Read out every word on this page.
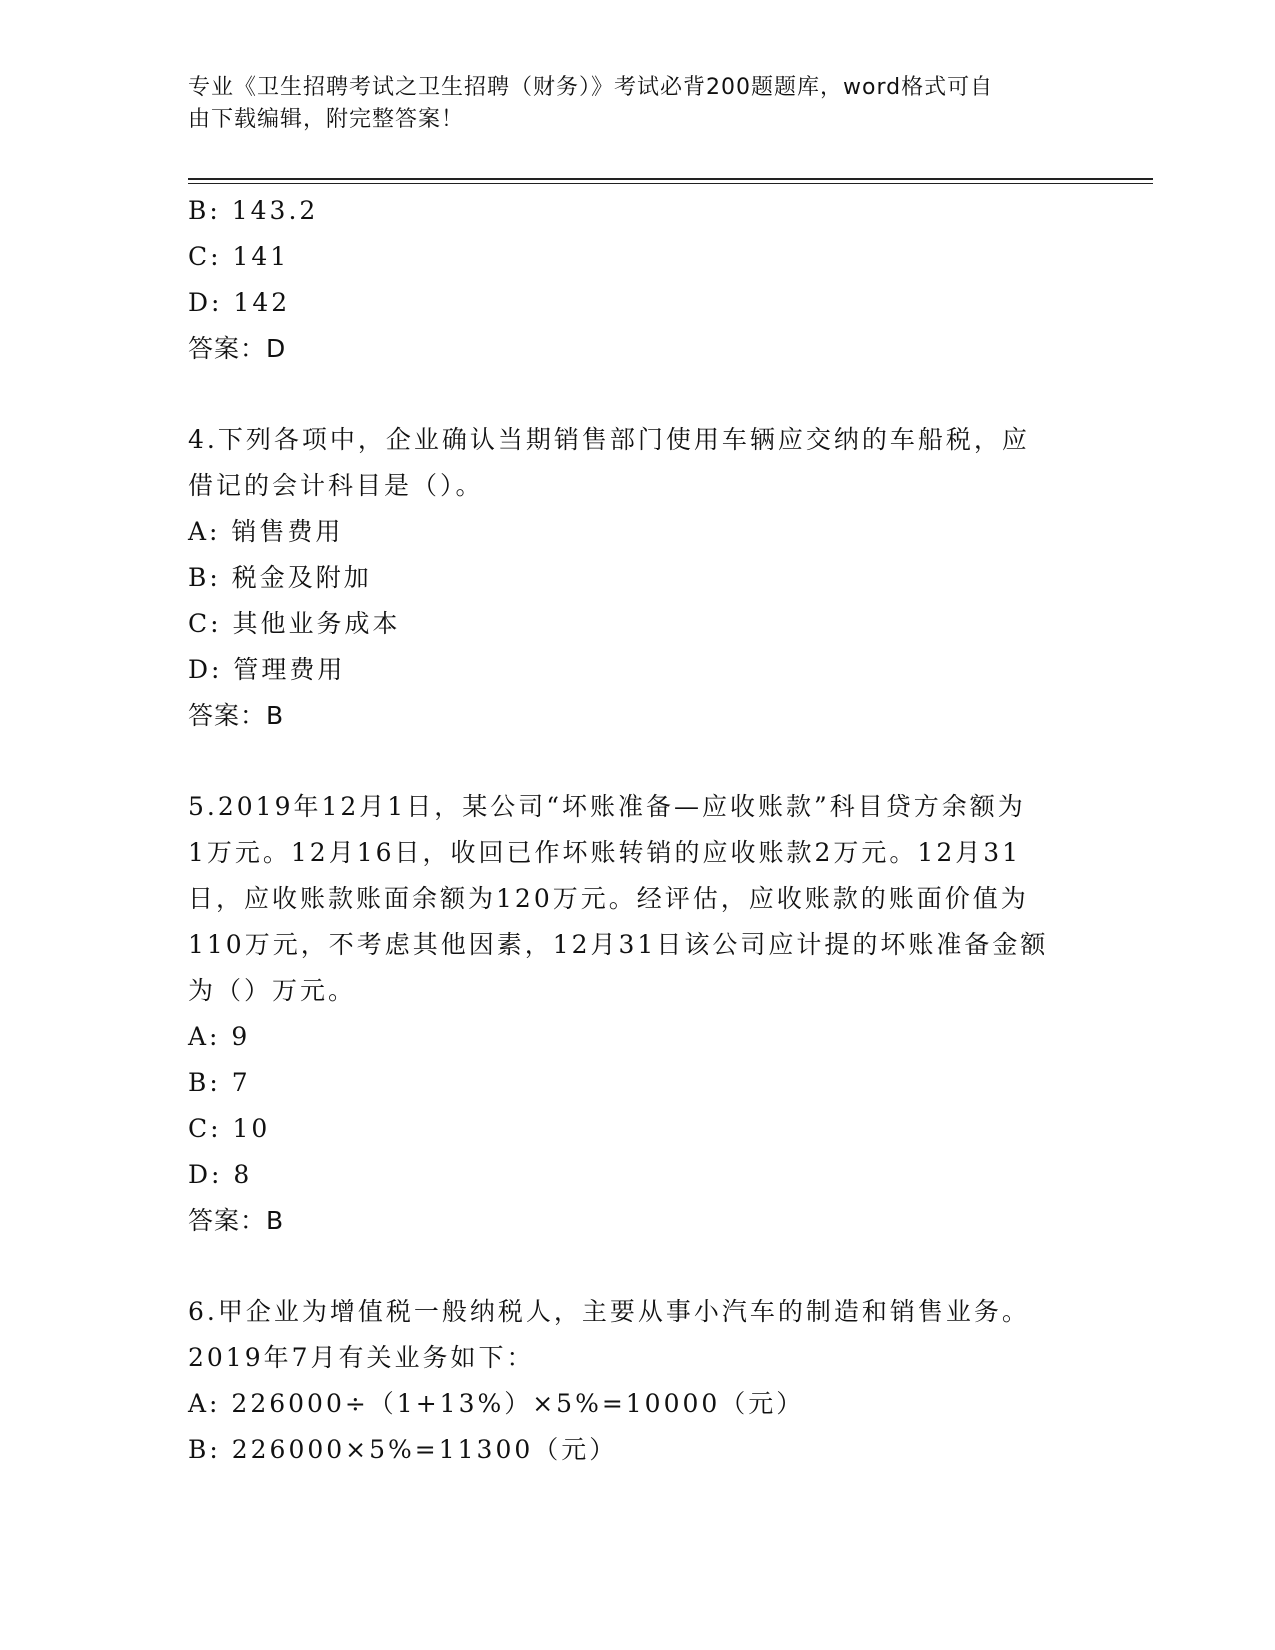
专业《卫生招聘考试之卫生招聘（财务）》考试必背200题题库，word格式可自
由下载编辑，附完整答案！
B: 143.2
C: 141
D: 142
答案：D
4.下列各项中，企业确认当期销售部门使用车辆应交纳的车船税，应
借记的会计科目是（）。
A: 销售费用
B: 税金及附加
C: 其他业务成本
D: 管理费用
答案：B
5.2019年12月1日，某公司“坏账准备—应收账款”科目贷方余额为
1万元。12月16日，收回已作坏账转销的应收账款2万元。12月31
日，应收账款账面余额为120万元。经评估，应收账款的账面价值为
110万元，不考虑其他因素，12月31日该公司应计提的坏账准备金额
为（）万元。
A: 9
B: 7
C: 10
D: 8
答案：B
6.甲企业为增值税一般纳税人，主要从事小汽车的制造和销售业务。
2019年7月有关业务如下：
A: 226000÷（1+13%）×5%=10000（元）
B: 226000×5%=11300（元）
